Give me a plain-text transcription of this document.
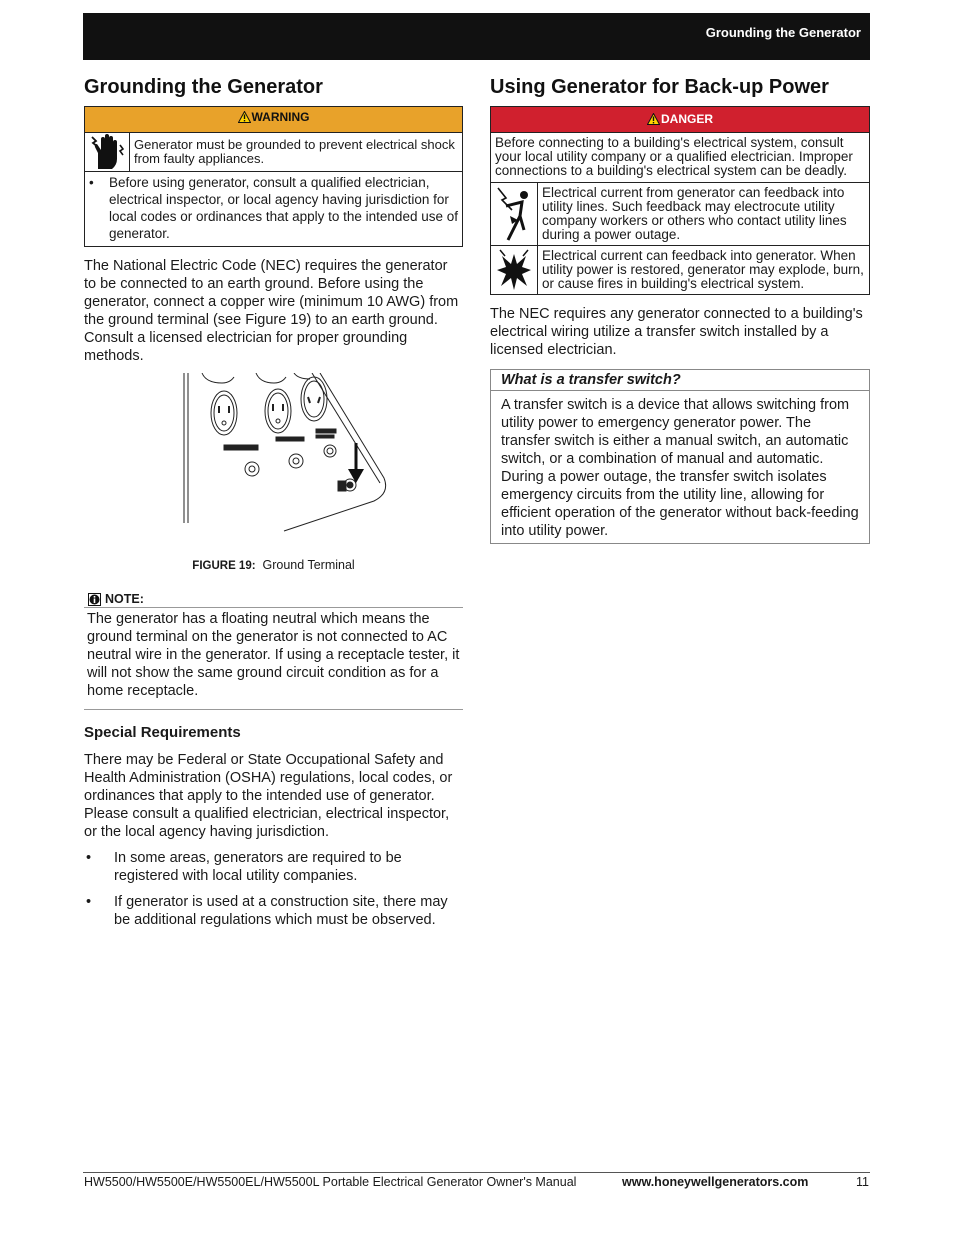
Grounding the Generator
Grounding the Generator
WARNING
Generator must be grounded to prevent electrical shock from faulty appliances.
•	Before using generator, consult a qualified electrician, electrical inspector, or local agency having jurisdiction for local codes or ordinances that apply to the intended use of generator.

The National Electric Code (NEC) requires the generator to be connected to an earth ground. Before using the generator, connect a copper wire (minimum 10 AWG) from the ground terminal (see Figure 19) to an earth ground. Consult a licensed electrician for proper grounding methods.

FIGURE 19: Ground Terminal
NOTE:
The generator has a floating neutral which means the ground terminal on the generator is not connected to AC neutral wire in the generator. If using a receptacle tester, it will not show the same ground circuit condition as for a home receptacle.
Special Requirements

There may be Federal or State Occupational Safety and Health Administration (OSHA) regulations, local codes, or ordinances that apply to the intended use of generator. Please consult a qualified electrician, electrical inspector, or the local agency having jurisdiction.

•	In some areas, generators are required to be registered with local utility companies.
•	If generator is used at a construction site, there may be additional regulations which must be observed.
Using Generator for Back-up Power
DANGER
Before connecting to a building's electrical system, consult your local utility company or a qualified electrician. Improper connections to a building's electrical system can be deadly.
Electrical current from generator can feedback into utility lines. Such feedback may electrocute utility company workers or others who contact utility lines during a power outage.
Electrical current can feedback into generator. When utility power is restored, generator may explode, burn, or cause fires in building's electrical system.

The NEC requires any generator connected to a building's electrical wiring utilize a transfer switch installed by a licensed electrician.

What is a transfer switch?
A transfer switch is a device that allows switching from utility power to emergency generator power. The transfer switch is either a manual switch, an automatic switch, or a combination of manual and automatic. During a power outage, the transfer switch isolates emergency circuits from the utility line, allowing for efficient operation of the generator without back-feeding into utility power.
HW5500/HW5500E/HW5500EL/HW5500L Portable Electrical Generator Owner's Manual	www.honeywellgenerators.com	11
